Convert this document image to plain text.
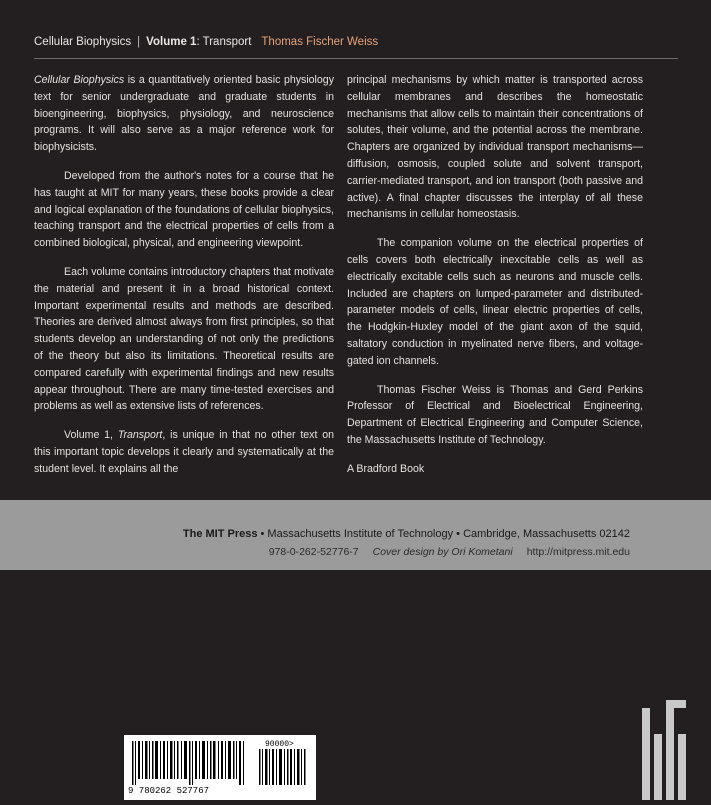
Cellular Biophysics | Volume 1: Transport Thomas Fischer Weiss

Cellular Biophysics is a quantitatively oriented basic physiology text for senior undergraduate and graduate students in bioengineering, biophysics, physiology, and neuroscience programs. It will also serve as a major reference work for biophysicists.

Developed from the author's notes for a course that he has taught at MIT for many years, these books provide a clear and logical explanation of the foundations of cellular biophysics, teaching transport and the electrical properties of cells from a combined biological, physical, and engineering viewpoint.

Each volume contains introductory chapters that motivate the material and present it in a broad historical context. Important experimental results and methods are described. Theories are derived almost always from first principles, so that students develop an understanding of not only the predictions of the theory but also its limitations. Theoretical results are compared carefully with experimental findings and new results appear throughout. There are many time-tested exercises and problems as well as extensive lists of references.

Volume 1, Transport, is unique in that no other text on this important topic develops it clearly and systematically at the student level. It explains all the

principal mechanisms by which matter is transported across cellular membranes and describes the homeostatic mechanisms that allow cells to maintain their concentrations of solutes, their volume, and the potential across the membrane. Chapters are organized by individual transport mechanisms—diffusion, osmosis, coupled solute and solvent transport, carrier-mediated transport, and ion transport (both passive and active). A final chapter discusses the interplay of all these mechanisms in cellular homeostasis.

The companion volume on the electrical properties of cells covers both electrically inexcitable cells as well as electrically excitable cells such as neurons and muscle cells. Included are chapters on lumped-parameter and distributed-parameter models of cells, linear electric properties of cells, the Hodgkin-Huxley model of the giant axon of the squid, saltatory conduction in myelinated nerve fibers, and voltage-gated ion channels.

Thomas Fischer Weiss is Thomas and Gerd Perkins Professor of Electrical and Bioelectrical Engineering, Department of Electrical Engineering and Computer Science, the Massachusetts Institute of Technology.

A Bradford Book

The MIT Press • Massachusetts Institute of Technology • Cambridge, Massachusetts 02142
978-0-262-52776-7 Cover design by Ori Kometani http://mitpress.mit.edu
9 780262 527767
90000>
